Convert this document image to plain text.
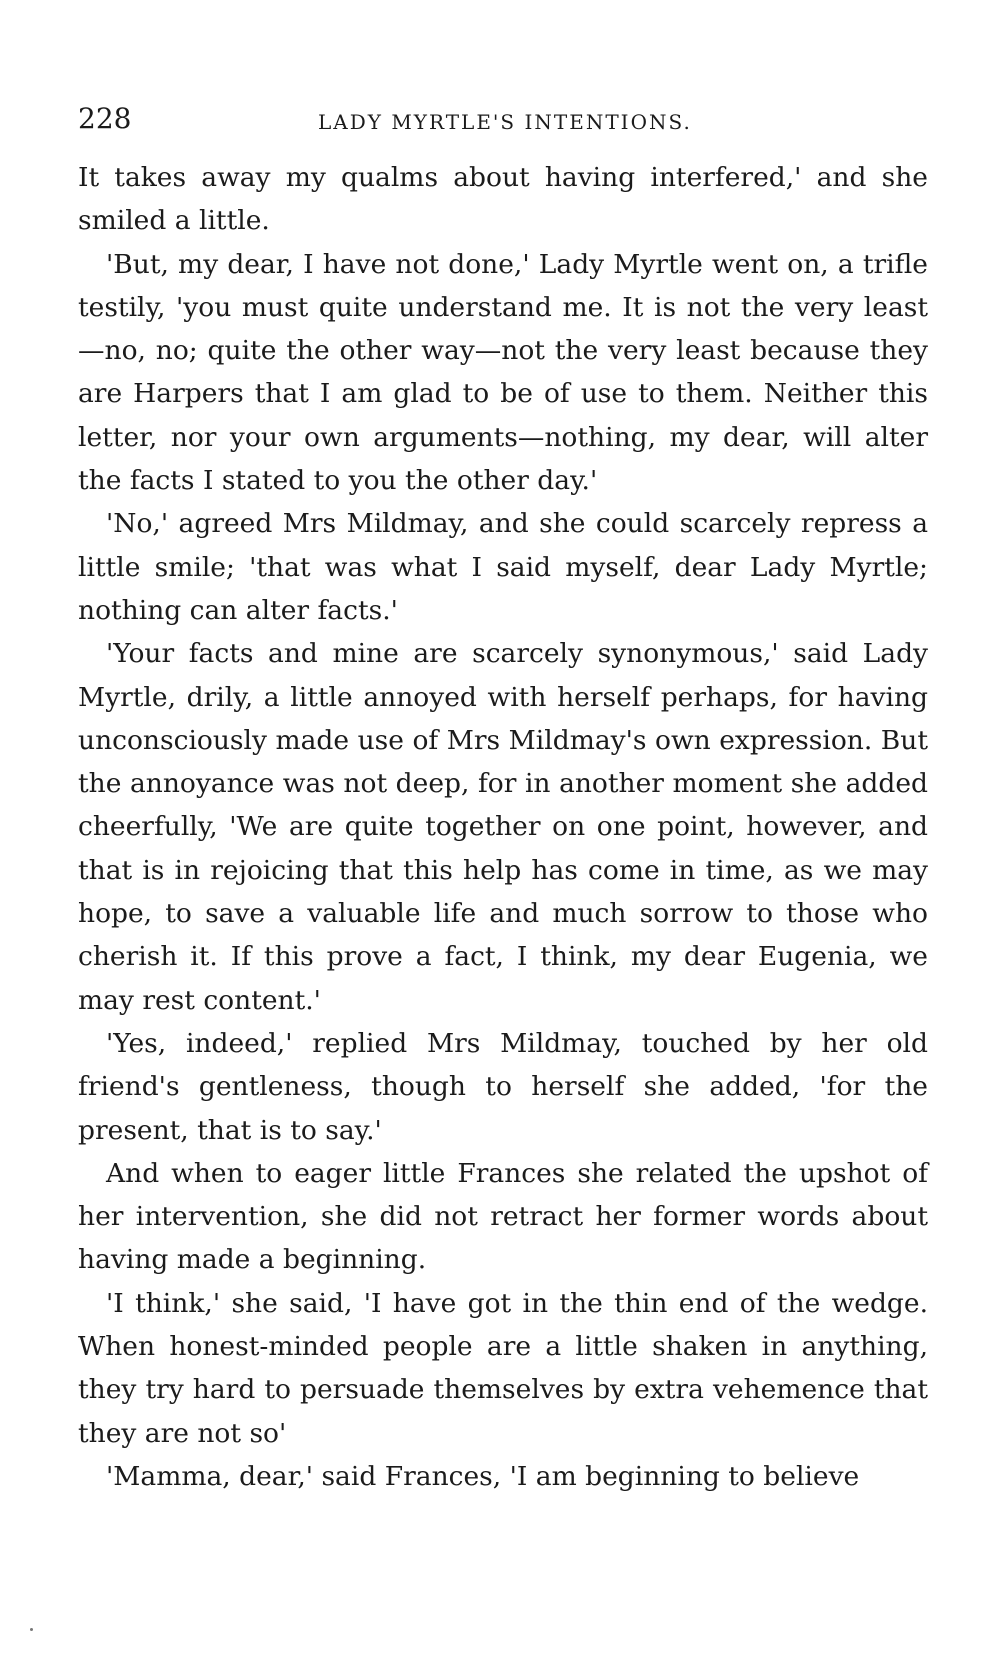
228	LADY MYRTLE'S INTENTIONS.

It takes away my qualms about having interfered,' and she smiled a little.

'But, my dear, I have not done,' Lady Myrtle went on, a trifle testily, 'you must quite understand me. It is not the very least—no, no; quite the other way—not the very least because they are Harpers that I am glad to be of use to them. Neither this letter, nor your own arguments—nothing, my dear, will alter the facts I stated to you the other day.'

'No,' agreed Mrs Mildmay, and she could scarcely repress a little smile; 'that was what I said myself, dear Lady Myrtle; nothing can alter facts.'

'Your facts and mine are scarcely synonymous,' said Lady Myrtle, drily, a little annoyed with herself perhaps, for having unconsciously made use of Mrs Mildmay's own expression. But the annoyance was not deep, for in another moment she added cheerfully, 'We are quite together on one point, however, and that is in rejoicing that this help has come in time, as we may hope, to save a valuable life and much sorrow to those who cherish it. If this prove a fact, I think, my dear Eugenia, we may rest content.'

'Yes, indeed,' replied Mrs Mildmay, touched by her old friend's gentleness, though to herself she added, 'for the present, that is to say.'

And when to eager little Frances she related the upshot of her intervention, she did not retract her former words about having made a beginning.

'I think,' she said, 'I have got in the thin end of the wedge. When honest-minded people are a little shaken in anything, they try hard to persuade themselves by extra vehemence that they are not so'

'Mamma, dear,' said Frances, 'I am beginning to believe
